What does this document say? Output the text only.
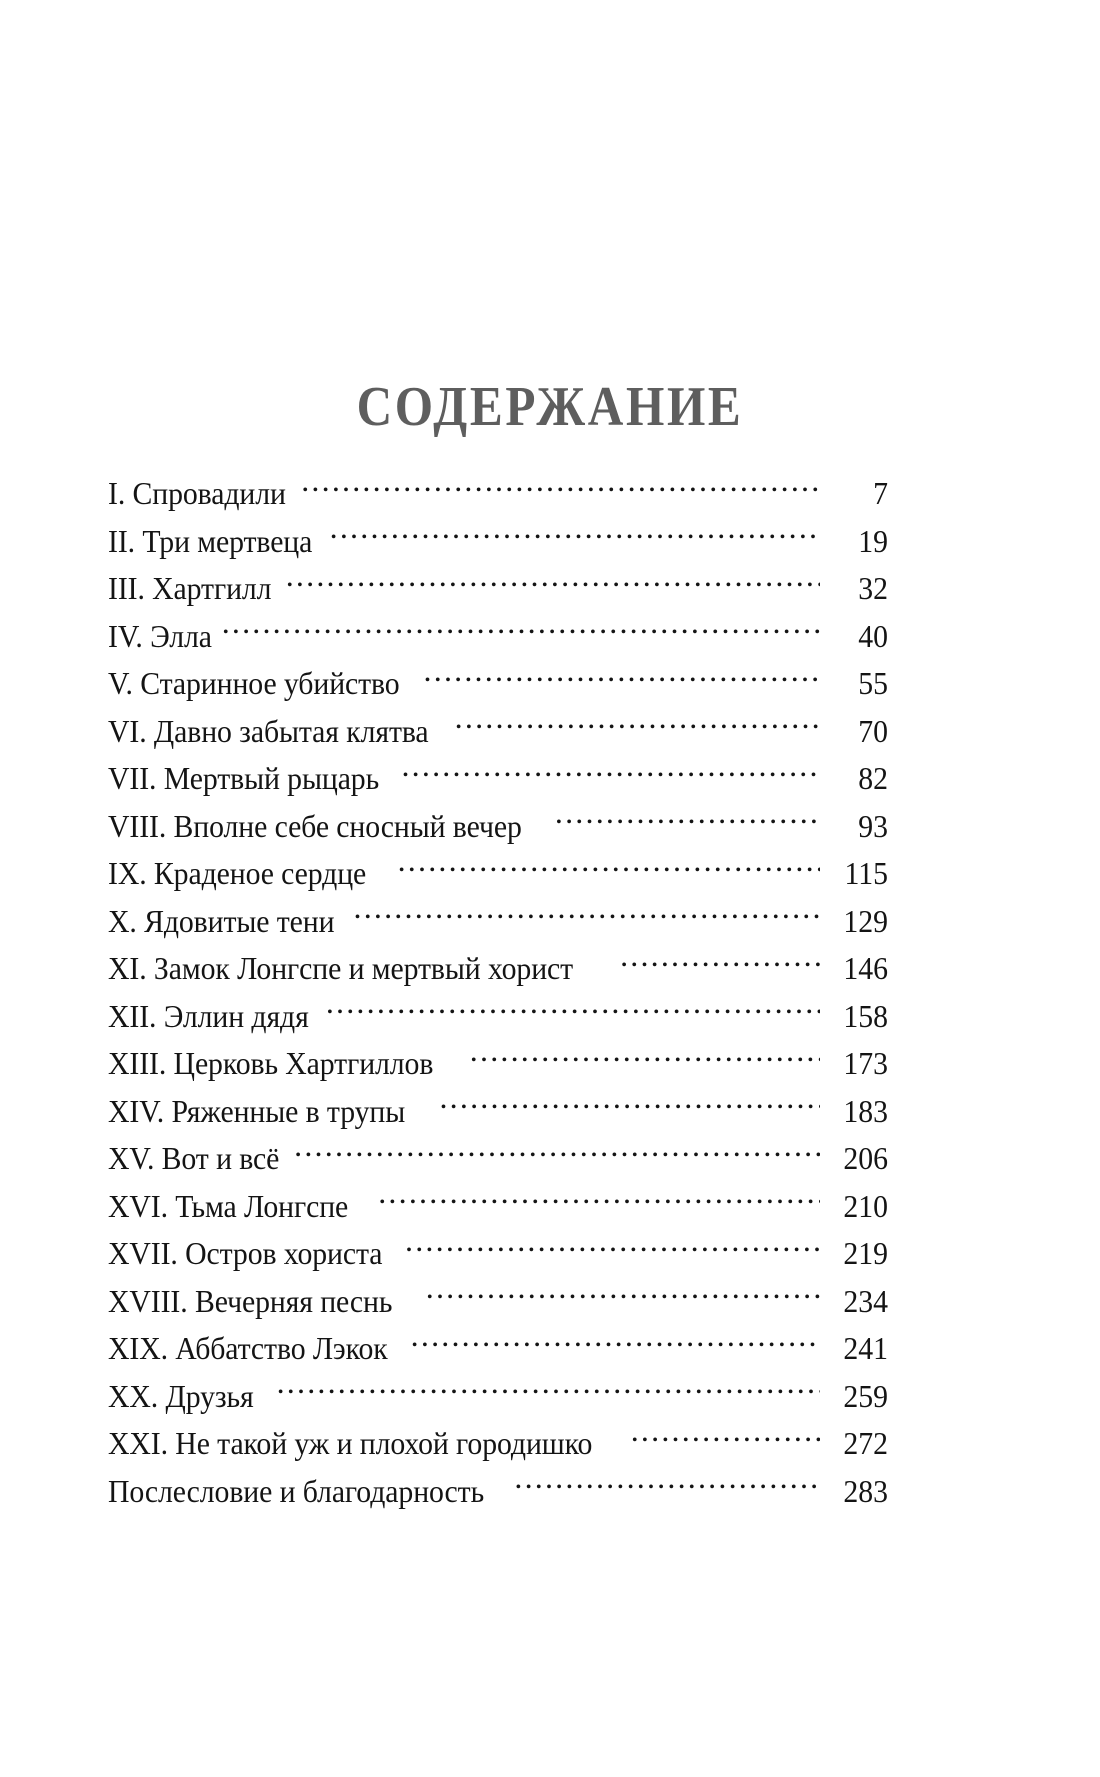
СОДЕРЖАНИЕ
I. Спровадили .....	7
II. Три мертвеца .....	19
III. Хартгилл .....	32
IV. Элла .....	40
V. Старинное убийство .....	55
VI. Давно забытая клятва .....	70
VII. Мертвый рыцарь .....	82
VIII. Вполне себе сносный вечер .....	93
IX. Краденое сердце .....	115
X. Ядовитые тени .....	129
XI. Замок Лонгспе и мертвый хорист .....	146
XII. Эллин дядя .....	158
XIII. Церковь Хартгиллов .....	173
XIV. Ряженные в трупы .....	183
XV. Вот и всё .....	206
XVI. Тьма Лонгспе .....	210
XVII. Остров хориста .....	219
XVIII. Вечерняя песнь .....	234
XIX. Аббатство Лэкок .....	241
XX. Друзья .....	259
XXI. Не такой уж и плохой городишко .....	272
Послесловие и благодарность .....	283
